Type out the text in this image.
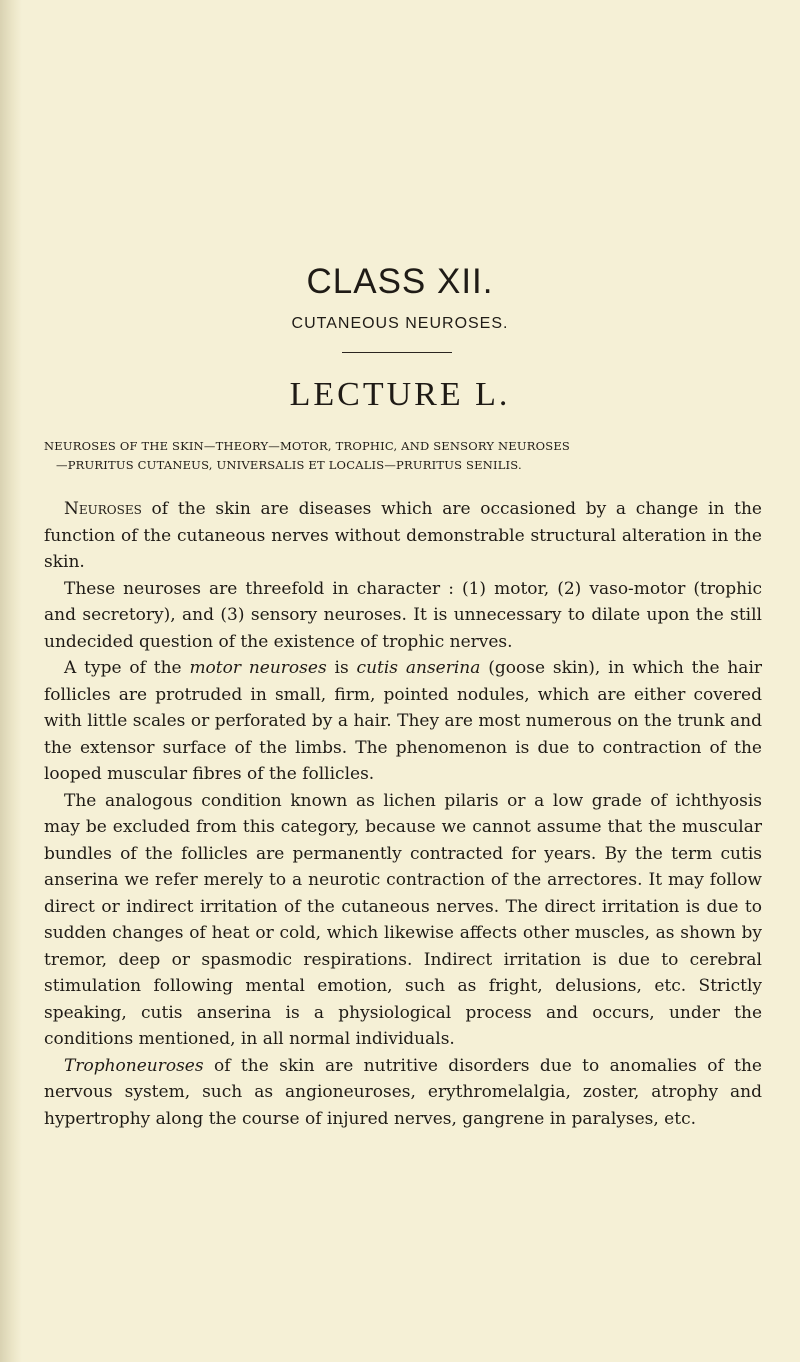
CLASS XII.
CUTANEOUS NEUROSES.
LECTURE L.
NEUROSES OF THE SKIN—THEORY—MOTOR, TROPHIC, AND SENSORY NEUROSES
—PRURITUS CUTANEUS, UNIVERSALIS ET LOCALIS—PRURITUS SENILIS.

Neuroses of the skin are diseases which are occasioned by a change in the function of the cutaneous nerves without demonstrable structural alteration in the skin.

These neuroses are threefold in character : (1) motor, (2) vaso-motor (trophic and secretory), and (3) sensory neuroses. It is unnecessary to dilate upon the still undecided question of the existence of trophic nerves.

A type of the motor neuroses is cutis anserina (goose skin), in which the hair follicles are protruded in small, firm, pointed nodules, which are either covered with little scales or perforated by a hair. They are most numerous on the trunk and the extensor surface of the limbs. The phenomenon is due to contraction of the looped muscular fibres of the follicles.

The analogous condition known as lichen pilaris or a low grade of ichthyosis may be excluded from this category, because we cannot assume that the muscular bundles of the follicles are permanently contracted for years. By the term cutis anserina we refer merely to a neurotic contraction of the arrectores. It may follow direct or indirect irritation of the cutaneous nerves. The direct irritation is due to sudden changes of heat or cold, which likewise affects other muscles, as shown by tremor, deep or spasmodic respirations. Indirect irritation is due to cerebral stimulation following mental emotion, such as fright, delusions, etc. Strictly speaking, cutis anserina is a physiological process and occurs, under the conditions mentioned, in all normal individuals.

Trophoneuroses of the skin are nutritive disorders due to anomalies of the nervous system, such as angioneuroses, erythromelalgia, zoster, atrophy and hypertrophy along the course of injured nerves, gangrene in paralyses, etc.
